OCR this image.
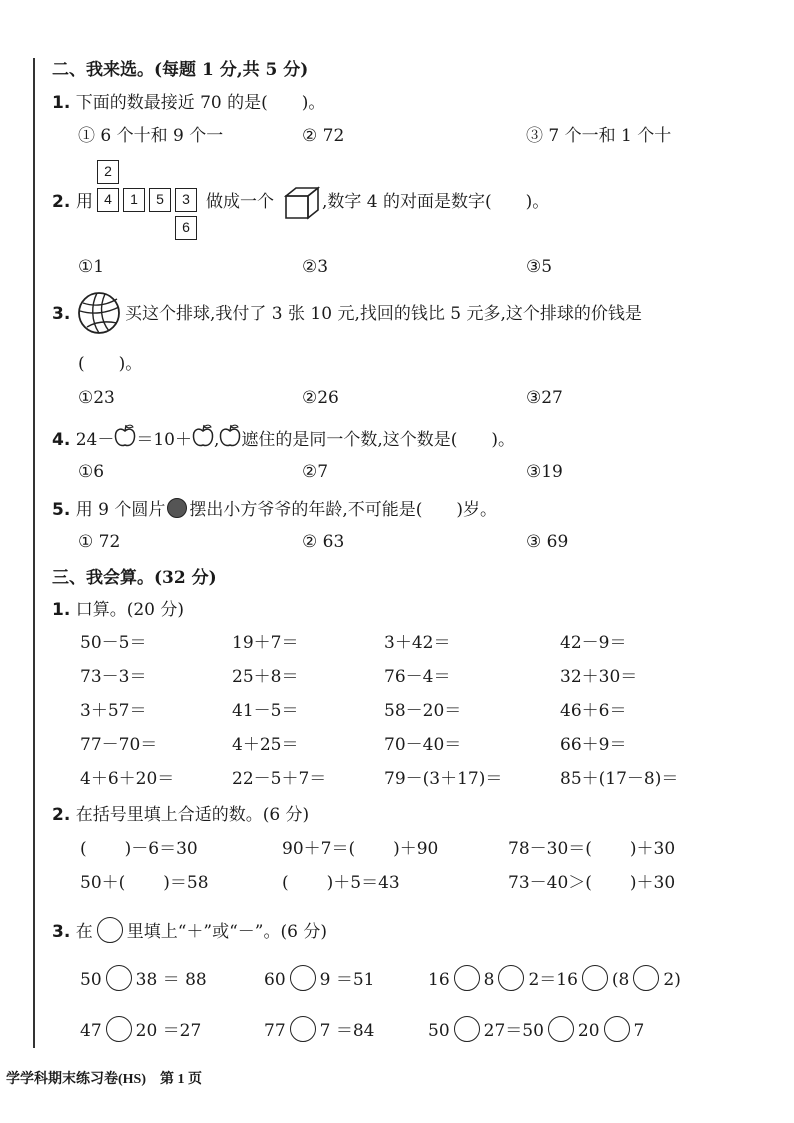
二、我来选。(每题 1 分,共 5 分)
1. 下面的数最接近 70 的是(　　)。
① 6 个十和 9 个一	② 72	③ 7 个一和 1 个十
2. 用
2
4	1	5	3
6
做成一个	,数字 4 的对面是数字(　　)。
①1	②3	③5
3.	买这个排球,我付了 3 张 10 元,找回的钱比 5 元多,这个排球的价钱是
(　　)。
①23	②26	③27
4. 24－ ＝10＋ , 遮住的是同一个数,这个数是(　　)。
①6	②7	③19
5. 用 9 个圆片 摆出小方爷爷的年龄,不可能是(　　)岁。
① 72	② 63	③ 69
三、我会算。(32 分)
1. 口算。(20 分)
50－5＝	19＋7＝	3＋42＝	42－9＝
73－3＝	25＋8＝	76－4＝	32＋30＝
3＋57＝	41－5＝	58－20＝	46＋6＝
77－70＝	4＋25＝	70－40＝	66＋9＝
4＋6＋20＝	22－5＋7＝	79－(3＋17)＝	85＋(17－8)＝
2. 在括号里填上合适的数。(6 分)
( )－6＝30	90＋7＝( )＋90	78－30＝( )＋30
50＋( )＝58	( )＋5＝43	73－40＞( )＋30
3. 在 里填上“＋”或“－”。(6 分)
50 38 ＝ 88	60 9 ＝51	16 8 2＝16 (8 2)
47 20 ＝27	77 7 ＝84	50 27＝50 20 7
学学科期末练习卷(HS)　第 1 页
